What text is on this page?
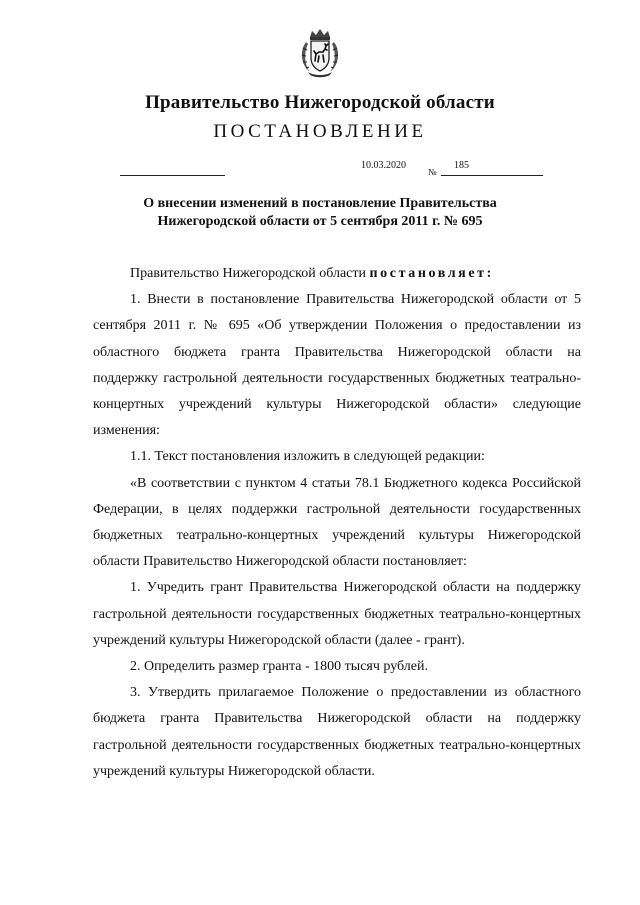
Правительство Нижегородской области
ПОСТАНОВЛЕНИЕ
10.03.2020
№
185
О внесении изменений в постановление Правительства
Нижегородской области от 5 сентября 2011 г. № 695

Правительство Нижегородской области постановляет:

1. Внести в постановление Правительства Нижегородской области от 5 сентября 2011 г. № 695 «Об утверждении Положения о предоставлении из областного бюджета гранта Правительства Нижегородской области на поддержку гастрольной деятельности государственных бюджетных театрально-концертных учреждений культуры Нижегородской области» следующие изменения:

1.1. Текст постановления изложить в следующей редакции:

«В соответствии с пунктом 4 статьи 78.1 Бюджетного кодекса Российской Федерации, в целях поддержки гастрольной деятельности государственных бюджетных театрально-концертных учреждений культуры Нижегородской области Правительство Нижегородской области постановляет:

1. Учредить грант Правительства Нижегородской области на поддержку гастрольной деятельности государственных бюджетных театрально-концертных учреждений культуры Нижегородской области (далее - грант).

2. Определить размер гранта - 1800 тысяч рублей.

3. Утвердить прилагаемое Положение о предоставлении из областного бюджета гранта Правительства Нижегородской области на поддержку гастрольной деятельности государственных бюджетных театрально-концертных учреждений культуры Нижегородской области.
